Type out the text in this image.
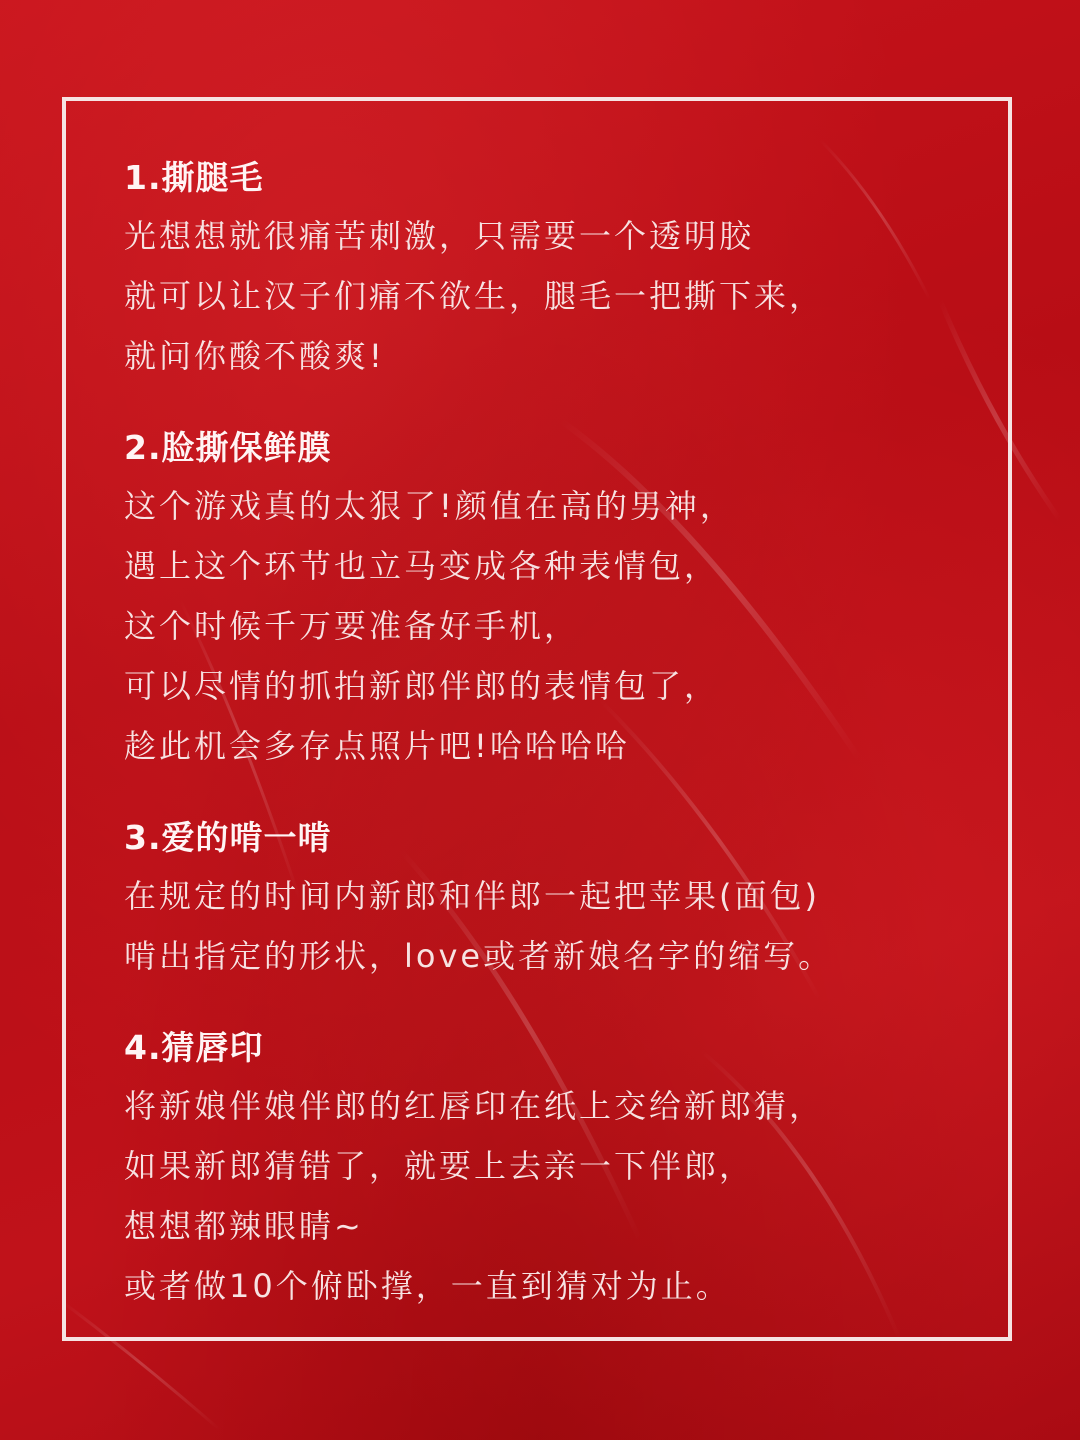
1.撕腿毛
光想想就很痛苦刺激，只需要一个透明胶
就可以让汉子们痛不欲生，腿毛一把撕下来，
就问你酸不酸爽!
2.脸撕保鲜膜
这个游戏真的太狠了!颜值在高的男神，
遇上这个环节也立马变成各种表情包，
这个时候千万要准备好手机，
可以尽情的抓拍新郎伴郎的表情包了，
趁此机会多存点照片吧!哈哈哈哈
3.爱的啃一啃
在规定的时间内新郎和伴郎一起把苹果(面包)
啃出指定的形状，love或者新娘名字的缩写。
4.猜唇印
将新娘伴娘伴郎的红唇印在纸上交给新郎猜，
如果新郎猜错了，就要上去亲一下伴郎，
想想都辣眼睛~
或者做10个俯卧撑，一直到猜对为止。
